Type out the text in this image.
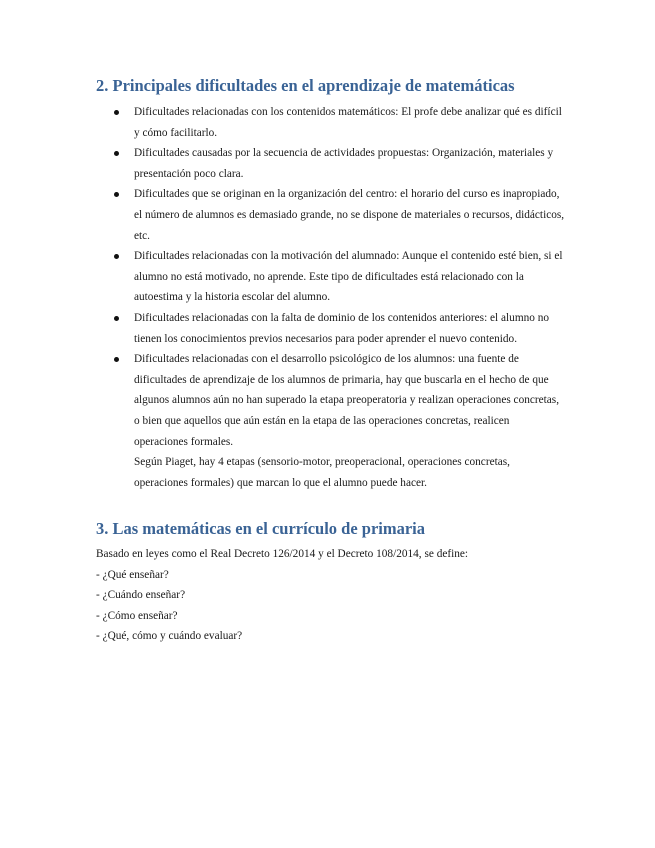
2. Principales dificultades en el aprendizaje de matemáticas
Dificultades relacionadas con los contenidos matemáticos: El profe debe analizar qué es difícil y cómo facilitarlo.
Dificultades causadas por la secuencia de actividades propuestas: Organización, materiales y presentación poco clara.
Dificultades que se originan en la organización del centro: el horario del curso es inapropiado, el número de alumnos es demasiado grande, no se dispone de materiales o recursos, didácticos, etc.
Dificultades relacionadas con la motivación del alumnado: Aunque el contenido esté bien, si el alumno no está motivado, no aprende. Este tipo de dificultades está relacionado con la autoestima y la historia escolar del alumno.
Dificultades relacionadas con la falta de dominio de los contenidos anteriores: el alumno no tienen los conocimientos previos necesarios para poder aprender el nuevo contenido.
Dificultades relacionadas con el desarrollo psicológico de los alumnos: una fuente de dificultades de aprendizaje de los alumnos de primaria, hay que buscarla en el hecho de que algunos alumnos aún no han superado la etapa preoperatoria y realizan operaciones concretas, o bien que aquellos que aún están en la etapa de las operaciones concretas, realicen operaciones formales.
Según Piaget, hay 4 etapas (sensorio-motor, preoperacional, operaciones concretas, operaciones formales) que marcan lo que el alumno puede hacer.
3. Las matemáticas en el currículo de primaria

Basado en leyes como el Real Decreto 126/2014 y el Decreto 108/2014, se define:

- ¿Qué enseñar?

- ¿Cuándo enseñar?

- ¿Cómo enseñar?

- ¿Qué, cómo y cuándo evaluar?
